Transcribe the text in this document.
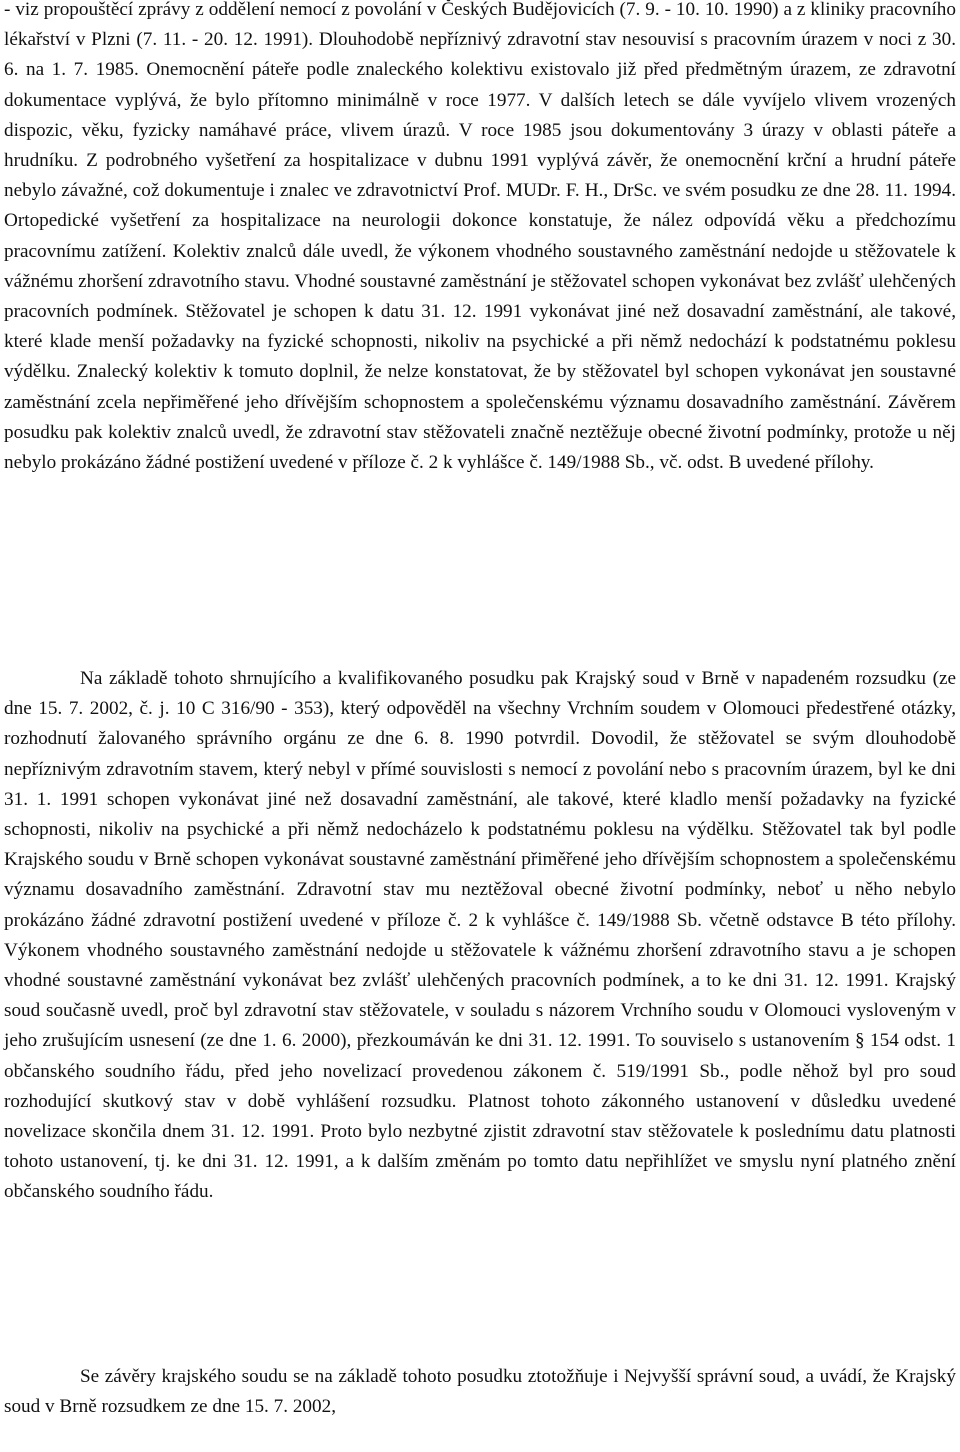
- viz propouštěcí zprávy z oddělení nemocí z povolání v Českých Budějovicích (7. 9. - 10. 10. 1990) a z kliniky pracovního lékařství v Plzni (7. 11. - 20. 12. 1991). Dlouhodobě nepříznivý zdravotní stav nesouvisí s pracovním úrazem v noci z 30. 6. na 1. 7. 1985. Onemocnění páteře podle znaleckého kolektivu existovalo již před předmětným úrazem, ze zdravotní dokumentace vyplývá, že bylo přítomno minimálně v roce 1977. V dalších letech se dále vyvíjelo vlivem vrozených dispozic, věku, fyzicky namáhavé práce, vlivem úrazů. V roce 1985 jsou dokumentovány 3 úrazy v oblasti páteře a hrudníku. Z podrobného vyšetření za hospitalizace v dubnu 1991 vyplývá závěr, že onemocnění krční a hrudní páteře nebylo závažné, což dokumentuje i znalec ve zdravotnictví Prof. MUDr. F. H., DrSc. ve svém posudku ze dne 28. 11. 1994. Ortopedické vyšetření za hospitalizace na neurologii dokonce konstatuje, že nález odpovídá věku a předchozímu pracovnímu zatížení. Kolektiv znalců dále uvedl, že výkonem vhodného soustavného zaměstnání nedojde u stěžovatele k vážnému zhoršení zdravotního stavu. Vhodné soustavné zaměstnání je stěžovatel schopen vykonávat bez zvlášť ulehčených pracovních podmínek. Stěžovatel je schopen k datu 31. 12. 1991 vykonávat jiné než dosavadní zaměstnání, ale takové, které klade menší požadavky na fyzické schopnosti, nikoliv na psychické a při němž nedochází k podstatnému poklesu výdělku. Znalecký kolektiv k tomuto doplnil, že nelze konstatovat, že by stěžovatel byl schopen vykonávat jen soustavné zaměstnání zcela nepřiměřené jeho dřívějším schopnostem a společenskému významu dosavadního zaměstnání. Závěrem posudku pak kolektiv znalců uvedl, že zdravotní stav stěžovateli značně neztěžuje obecné životní podmínky, protože u něj nebylo prokázáno žádné postižení uvedené v příloze č. 2 k vyhlášce č. 149/1988 Sb., vč. odst. B uvedené přílohy.

Na základě tohoto shrnujícího a kvalifikovaného posudku pak Krajský soud v Brně v napadeném rozsudku (ze dne 15. 7. 2002, č. j. 10 C 316/90 - 353), který odpověděl na všechny Vrchním soudem v Olomouci předestřené otázky, rozhodnutí žalovaného správního orgánu ze dne 6. 8. 1990 potvrdil. Dovodil, že stěžovatel se svým dlouhodobě nepříznivým zdravotním stavem, který nebyl v přímé souvislosti s nemocí z povolání nebo s pracovním úrazem, byl ke dni 31. 1. 1991 schopen vykonávat jiné než dosavadní zaměstnání, ale takové, které kladlo menší požadavky na fyzické schopnosti, nikoliv na psychické a při němž nedocházelo k podstatnému poklesu na výdělku. Stěžovatel tak byl podle Krajského soudu v Brně schopen vykonávat soustavné zaměstnání přiměřené jeho dřívějším schopnostem a společenskému významu dosavadního zaměstnání. Zdravotní stav mu neztěžoval obecné životní podmínky, neboť u něho nebylo prokázáno žádné zdravotní postižení uvedené v příloze č. 2 k vyhlášce č. 149/1988 Sb. včetně odstavce B této přílohy. Výkonem vhodného soustavného zaměstnání nedojde u stěžovatele k vážnému zhoršení zdravotního stavu a je schopen vhodné soustavné zaměstnání vykonávat bez zvlášť ulehčených pracovních podmínek, a to ke dni 31. 12. 1991. Krajský soud současně uvedl, proč byl zdravotní stav stěžovatele, v souladu s názorem Vrchního soudu v Olomouci vysloveným v jeho zrušujícím usnesení (ze dne 1. 6. 2000), přezkoumáván ke dni 31. 12. 1991. To souviselo s ustanovením § 154 odst. 1 občanského soudního řádu, před jeho novelizací provedenou zákonem č. 519/1991 Sb., podle něhož byl pro soud rozhodující skutkový stav v době vyhlášení rozsudku. Platnost tohoto zákonného ustanovení v důsledku uvedené novelizace skončila dnem 31. 12. 1991. Proto bylo nezbytné zjistit zdravotní stav stěžovatele k poslednímu datu platnosti tohoto ustanovení, tj. ke dni 31. 12. 1991, a k dalším změnám po tomto datu nepřihlížet ve smyslu nyní platného znění občanského soudního řádu.

Se závěry krajského soudu se na základě tohoto posudku ztotožňuje i Nejvyšší správní soud, a uvádí, že Krajský soud v Brně rozsudkem ze dne 15. 7. 2002,
